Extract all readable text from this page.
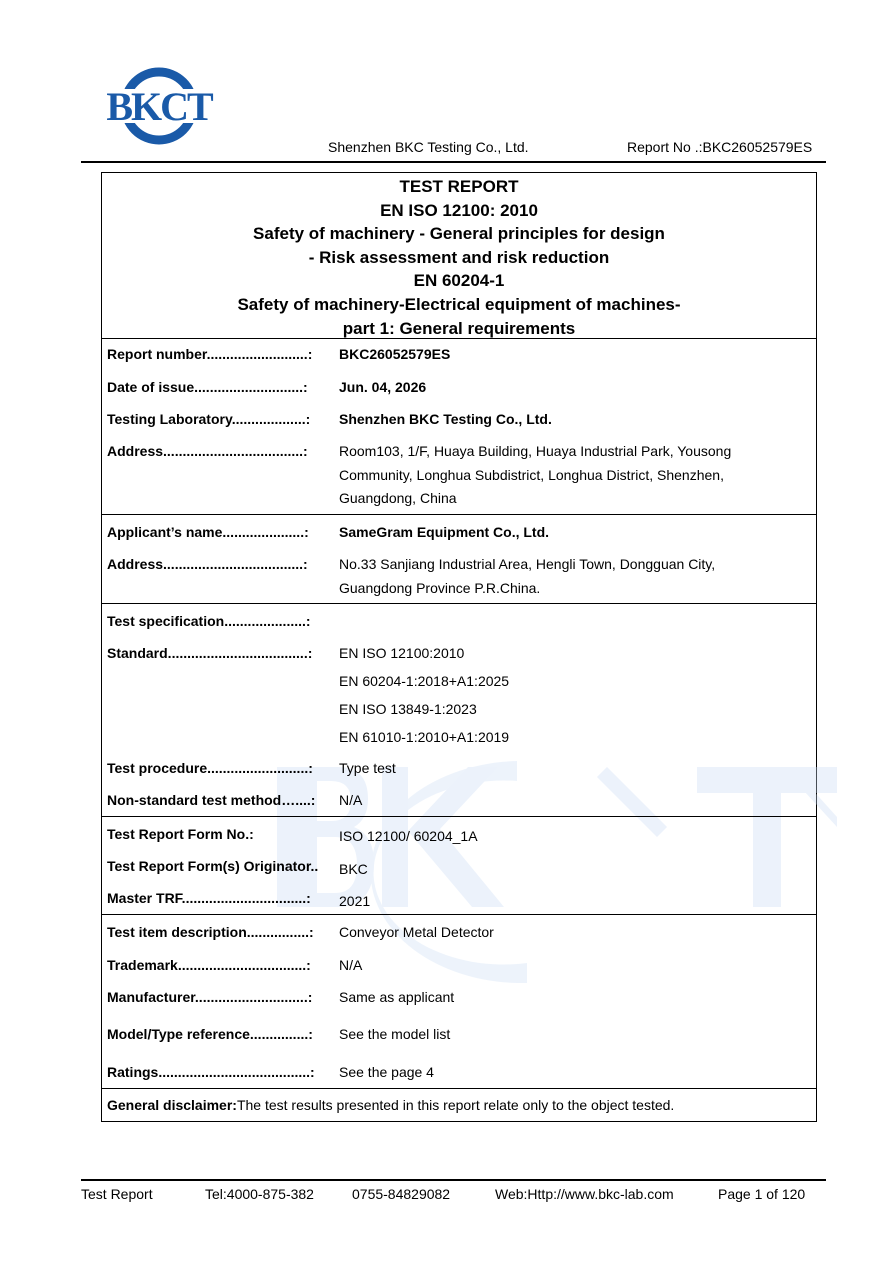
BKCT
Shenzhen BKC Testing Co., Ltd.	Report No .:BKC26052579ES
TEST REPORT
EN ISO 12100: 2010
Safety of machinery - General principles for design
- Risk assessment and risk reduction
EN 60204-1
Safety of machinery-Electrical equipment of machines-
part 1: General requirements
Report number..........................: BKC26052579ES
Date of issue............................: Jun. 04, 2026
Testing Laboratory...................: Shenzhen BKC Testing Co., Ltd.
Address....................................: Room103, 1/F, Huaya Building, Huaya Industrial Park, Yousong Community, Longhua Subdistrict, Longhua District, Shenzhen, Guangdong, China
Applicant’s name.....................: SameGram Equipment Co., Ltd.
Address....................................: No.33 Sanjiang Industrial Area, Hengli Town, Dongguan City, Guangdong Province P.R.China.
Test specification.....................:
Standard....................................: EN ISO 12100:2010
EN 60204-1:2018+A1:2025
EN ISO 13849-1:2023
EN 61010-1:2010+A1:2019
Test procedure..........................: Type test
Non-standard test method…....: N/A
Test Report Form No.:	ISO 12100/ 60204_1A
Test Report Form(s) Originator.. BKC
Master TRF................................: 2021
Test item description................: Conveyor Metal Detector
Trademark.................................: N/A
Manufacturer.............................: Same as applicant
Model/Type reference...............: See the model list
Ratings.......................................: See the page 4
General disclaimer:The test results presented in this report relate only to the object tested.
Test Report	Tel:4000-875-382	0755-84829082	Web:Http://www.bkc-lab.com	Page 1 of 120
